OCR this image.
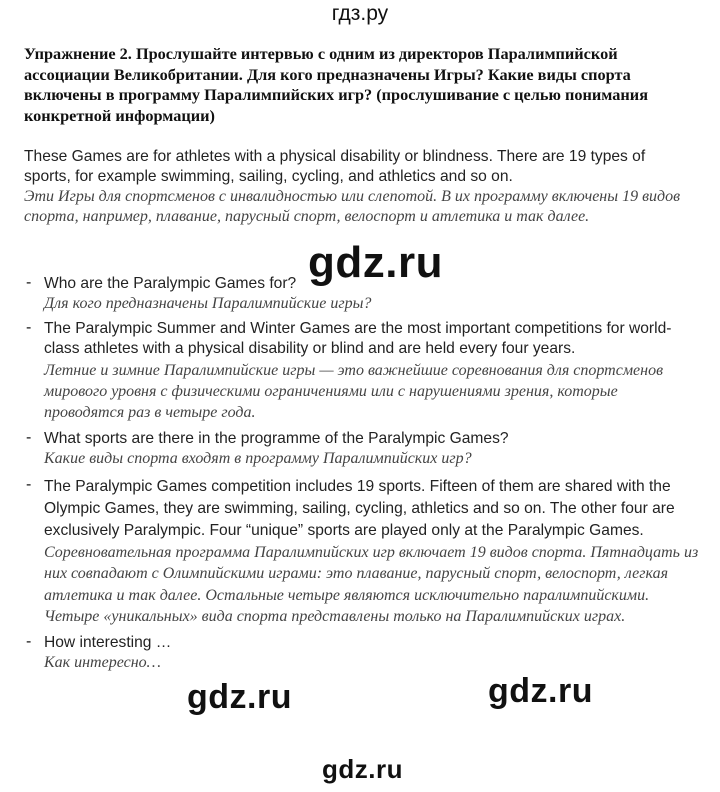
гдз.ру
Упражнение 2. Прослушайте интервью с одним из директоров Паралимпийской ассоциации Великобритании. Для кого предназначены Игры? Какие виды спорта включены в программу Паралимпийских игр? (прослушивание с целью понимания конкретной информации)
These Games are for athletes with a physical disability or blindness. There are 19 types of sports, for example swimming, sailing, cycling, and athletics and so on.
Эти Игры для спортсменов с инвалидностью или слепотой. В их программу включены 19 видов спорта, например, плавание, парусный спорт, велоспорт и атлетика и так далее.
- Who are the Paralympic Games for?
Для кого предназначены Паралимпийские игры?
- The Paralympic Summer and Winter Games are the most important competitions for world-class athletes with a physical disability or blind and are held every four years.
Летние и зимние Паралимпийские игры — это важнейшие соревнования для спортсменов мирового уровня с физическими ограничениями или с нарушениями зрения, которые проводятся раз в четыре года.
- What sports are there in the programme of the Paralympic Games?
Какие виды спорта входят в программу Паралимпийских игр?
- The Paralympic Games competition includes 19 sports. Fifteen of them are shared with the Olympic Games, they are swimming, sailing, cycling, athletics and so on. The other four are exclusively Paralympic. Four “unique” sports are played only at the Paralympic Games.
Соревновательная программа Паралимпийских игр включает 19 видов спорта. Пятнадцать из них совпадают с Олимпийскими играми: это плавание, парусный спорт, велоспорт, легкая атлетика и так далее. Остальные четыре являются исключительно паралимпийскими. Четыре «уникальных» вида спорта представлены только на Паралимпийских играх.
- How interesting …
Как интересно…
gdz.ru
gdz.ru	gdz.ru
gdz.ru
